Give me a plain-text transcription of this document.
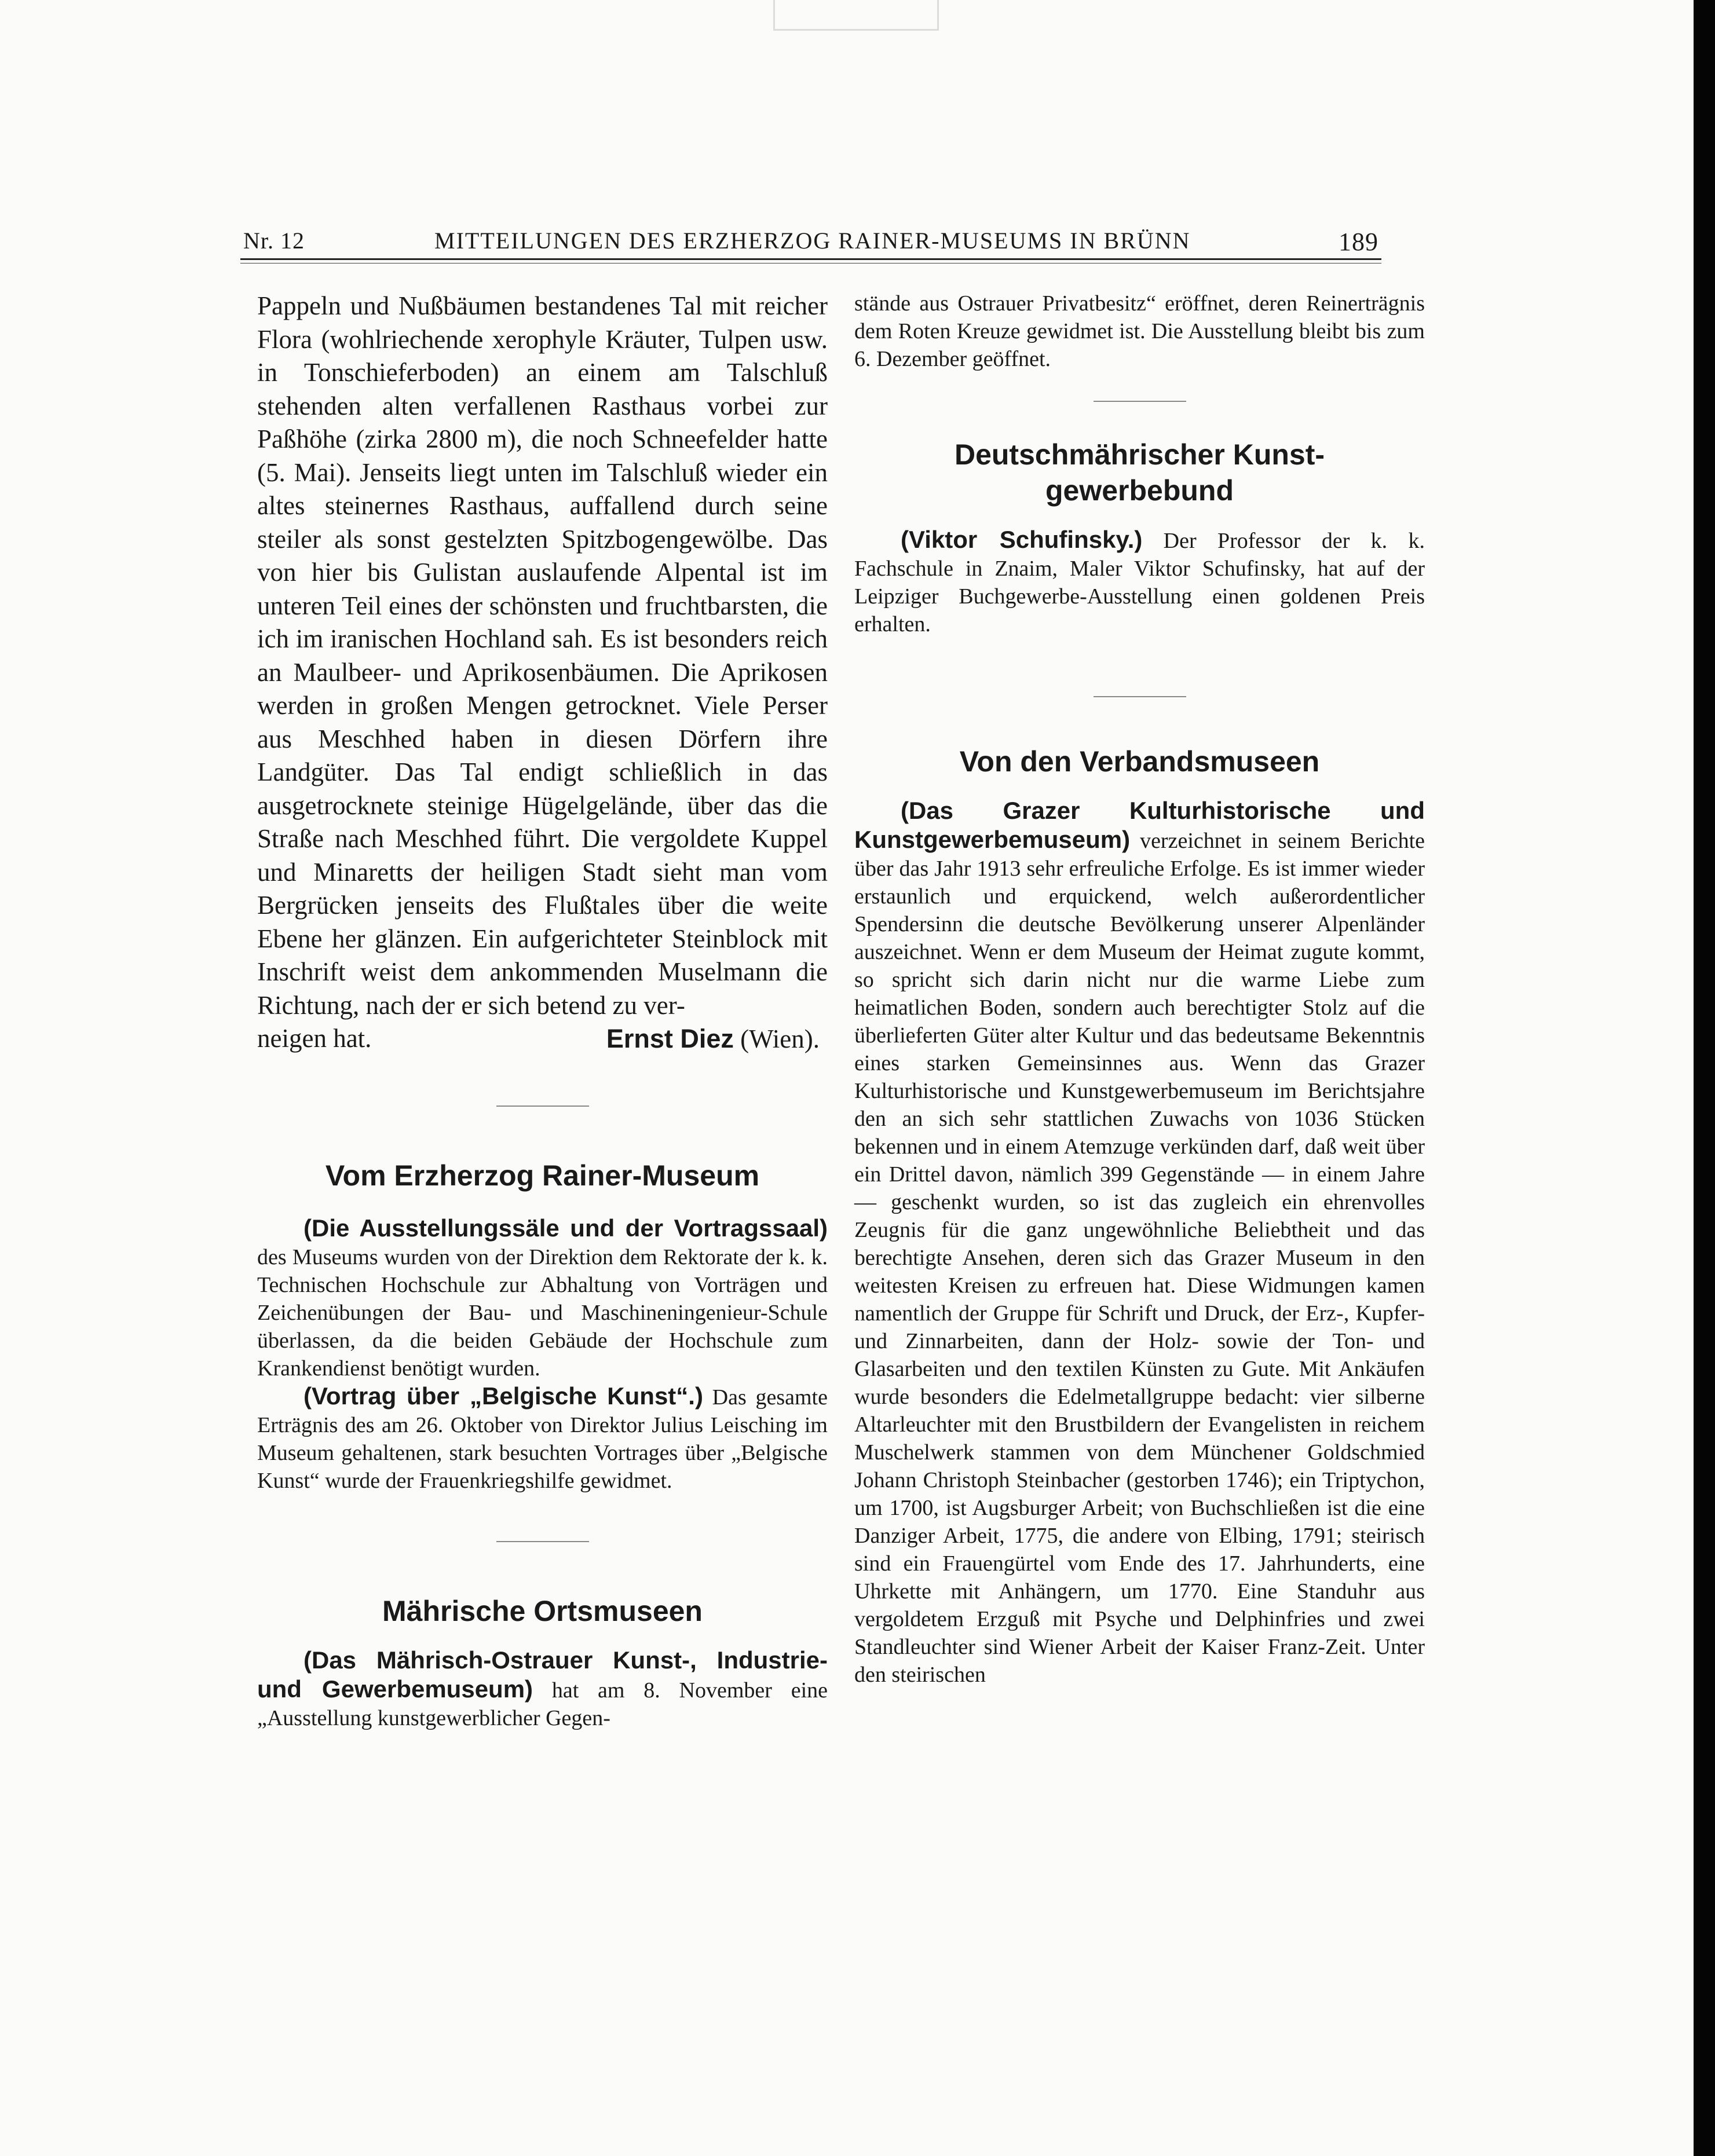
Nr. 12	MITTEILUNGEN DES ERZHERZOG RAINER-MUSEUMS IN BRÜNN	189

Pappeln und Nußbäumen bestandenes Tal mit reicher Flora (wohlriechende xerophyle Kräuter, Tulpen usw. in Tonschieferboden) an einem am Talschluß stehenden alten verfallenen Rasthaus vorbei zur Paßhöhe (zirka 2800 m), die noch Schneefelder hatte (5. Mai). Jenseits liegt unten im Talschluß wieder ein altes steinernes Rasthaus, auffallend durch seine steiler als sonst gestelzten Spitzbogengewölbe. Das von hier bis Gulistan auslaufende Alpental ist im unteren Teil eines der schönsten und fruchtbarsten, die ich im iranischen Hochland sah. Es ist besonders reich an Maulbeer- und Aprikosenbäumen. Die Aprikosen werden in großen Mengen getrocknet. Viele Perser aus Meschhed haben in diesen Dörfern ihre Landgüter. Das Tal endigt schließlich in das ausgetrocknete steinige Hügelgelände, über das die Straße nach Meschhed führt. Die vergoldete Kuppel und Minaretts der heiligen Stadt sieht man vom Bergrücken jenseits des Flußtales über die weite Ebene her glänzen. Ein aufgerichteter Steinblock mit Inschrift weist dem ankommenden Muselmann die Richtung, nach der er sich betend zu ver-

neigen hat.	Ernst Diez (Wien).
Vom Erzherzog Rainer-Museum

(Die Ausstellungssäle und der Vortragssaal) des Museums wurden von der Direktion dem Rektorate der k. k. Technischen Hochschule zur Abhaltung von Vorträgen und Zeichenübungen der Bau- und Maschineningenieur-Schule überlassen, da die beiden Gebäude der Hochschule zum Krankendienst benötigt wurden.

(Vortrag über „Belgische Kunst“.) Das gesamte Erträgnis des am 26. Oktober von Direktor Julius Leisching im Museum gehaltenen, stark besuchten Vortrages über „Belgische Kunst“ wurde der Frauenkriegshilfe gewidmet.

Mährische Ortsmuseen

(Das Mährisch-Ostrauer Kunst-, Industrie- und Gewerbemuseum) hat am 8. November eine „Ausstellung kunstgewerblicher Gegen-

stände aus Ostrauer Privatbesitz“ eröffnet, deren Reinerträgnis dem Roten Kreuze gewidmet ist. Die Ausstellung bleibt bis zum 6. Dezember geöffnet.

Deutschmährischer Kunst-
gewerbebund

(Viktor Schufinsky.) Der Professor der k. k. Fachschule in Znaim, Maler Viktor Schufinsky, hat auf der Leipziger Buchgewerbe-Ausstellung einen goldenen Preis erhalten.

Von den Verbandsmuseen

(Das Grazer Kulturhistorische und Kunstgewerbemuseum) verzeichnet in seinem Berichte über das Jahr 1913 sehr erfreuliche Erfolge. Es ist immer wieder erstaunlich und erquickend, welch außerordentlicher Spendersinn die deutsche Bevölkerung unserer Alpenländer auszeichnet. Wenn er dem Museum der Heimat zugute kommt, so spricht sich darin nicht nur die warme Liebe zum heimatlichen Boden, sondern auch berechtigter Stolz auf die überlieferten Güter alter Kultur und das bedeutsame Bekenntnis eines starken Gemeinsinnes aus. Wenn das Grazer Kulturhistorische und Kunstgewerbemuseum im Berichtsjahre den an sich sehr stattlichen Zuwachs von 1036 Stücken bekennen und in einem Atemzuge verkünden darf, daß weit über ein Drittel davon, nämlich 399 Gegenstände — in einem Jahre — geschenkt wurden, so ist das zugleich ein ehrenvolles Zeugnis für die ganz ungewöhnliche Beliebtheit und das berechtigte Ansehen, deren sich das Grazer Museum in den weitesten Kreisen zu erfreuen hat. Diese Widmungen kamen namentlich der Gruppe für Schrift und Druck, der Erz-, Kupfer- und Zinnarbeiten, dann der Holz- sowie der Ton- und Glasarbeiten und den textilen Künsten zu Gute. Mit Ankäufen wurde besonders die Edelmetallgruppe bedacht: vier silberne Altarleuchter mit den Brustbildern der Evangelisten in reichem Muschelwerk stammen von dem Münchener Goldschmied Johann Christoph Steinbacher (gestorben 1746); ein Triptychon, um 1700, ist Augsburger Arbeit; von Buchschließen ist die eine Danziger Arbeit, 1775, die andere von Elbing, 1791; steirisch sind ein Frauengürtel vom Ende des 17. Jahrhunderts, eine Uhrkette mit Anhängern, um 1770. Eine Standuhr aus vergoldetem Erzguß mit Psyche und Delphinfries und zwei Standleuchter sind Wiener Arbeit der Kaiser Franz-Zeit. Unter den steirischen
